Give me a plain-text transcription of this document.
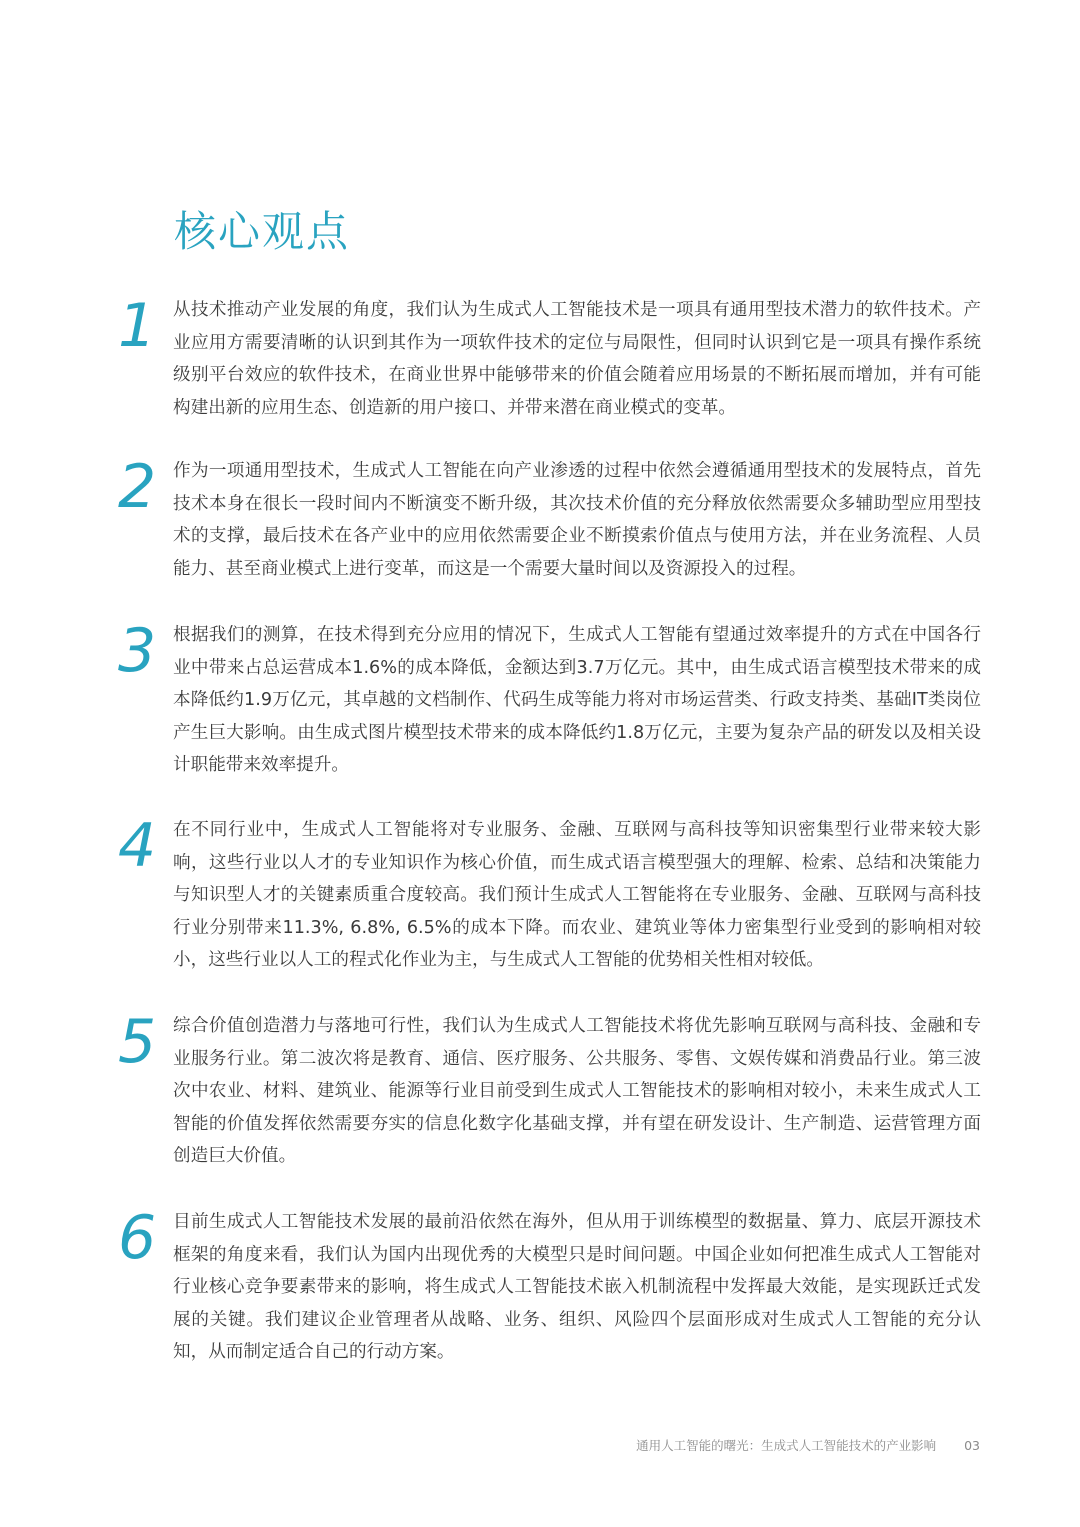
核心观点
1 从技术推动产业发展的角度，我们认为生成式人工智能技术是一项具有通用型技术潜力的软件技术。产业应用方需要清晰的认识到其作为一项软件技术的定位与局限性，但同时认识到它是一项具有操作系统级别平台效应的软件技术，在商业世界中能够带来的价值会随着应用场景的不断拓展而增加，并有可能构建出新的应用生态、创造新的用户接口、并带来潜在商业模式的变革。

2 作为一项通用型技术，生成式人工智能在向产业渗透的过程中依然会遵循通用型技术的发展特点，首先技术本身在很长一段时间内不断演变不断升级，其次技术价值的充分释放依然需要众多辅助型应用型技术的支撑，最后技术在各产业中的应用依然需要企业不断摸索价值点与使用方法，并在业务流程、人员能力、甚至商业模式上进行变革，而这是一个需要大量时间以及资源投入的过程。

3 根据我们的测算，在技术得到充分应用的情况下，生成式人工智能有望通过效率提升的方式在中国各行业中带来占总运营成本1.6%的成本降低，金额达到3.7万亿元。其中，由生成式语言模型技术带来的成本降低约1.9万亿元，其卓越的文档制作、代码生成等能力将对市场运营类、行政支持类、基础IT类岗位产生巨大影响。由生成式图片模型技术带来的成本降低约1.8万亿元，主要为复杂产品的研发以及相关设计职能带来效率提升。

4 在不同行业中，生成式人工智能将对专业服务、金融、互联网与高科技等知识密集型行业带来较大影响，这些行业以人才的专业知识作为核心价值，而生成式语言模型强大的理解、检索、总结和决策能力与知识型人才的关键素质重合度较高。我们预计生成式人工智能将在专业服务、金融、互联网与高科技行业分别带来11.3%, 6.8%, 6.5%的成本下降。而农业、建筑业等体力密集型行业受到的影响相对较小，这些行业以人工的程式化作业为主，与生成式人工智能的优势相关性相对较低。

5 综合价值创造潜力与落地可行性，我们认为生成式人工智能技术将优先影响互联网与高科技、金融和专业服务行业。第二波次将是教育、通信、医疗服务、公共服务、零售、文娱传媒和消费品行业。第三波次中农业、材料、建筑业、能源等行业目前受到生成式人工智能技术的影响相对较小，未来生成式人工智能的价值发挥依然需要夯实的信息化数字化基础支撑，并有望在研发设计、生产制造、运营管理方面创造巨大价值。

6 目前生成式人工智能技术发展的最前沿依然在海外，但从用于训练模型的数据量、算力、底层开源技术框架的角度来看，我们认为国内出现优秀的大模型只是时间问题。中国企业如何把准生成式人工智能对行业核心竞争要素带来的影响，将生成式人工智能技术嵌入机制流程中发挥最大效能，是实现跃迁式发展的关键。我们建议企业管理者从战略、业务、组织、风险四个层面形成对生成式人工智能的充分认知，从而制定适合自己的行动方案。

通用人工智能的曙光：生成式人工智能技术的产业影响 03
